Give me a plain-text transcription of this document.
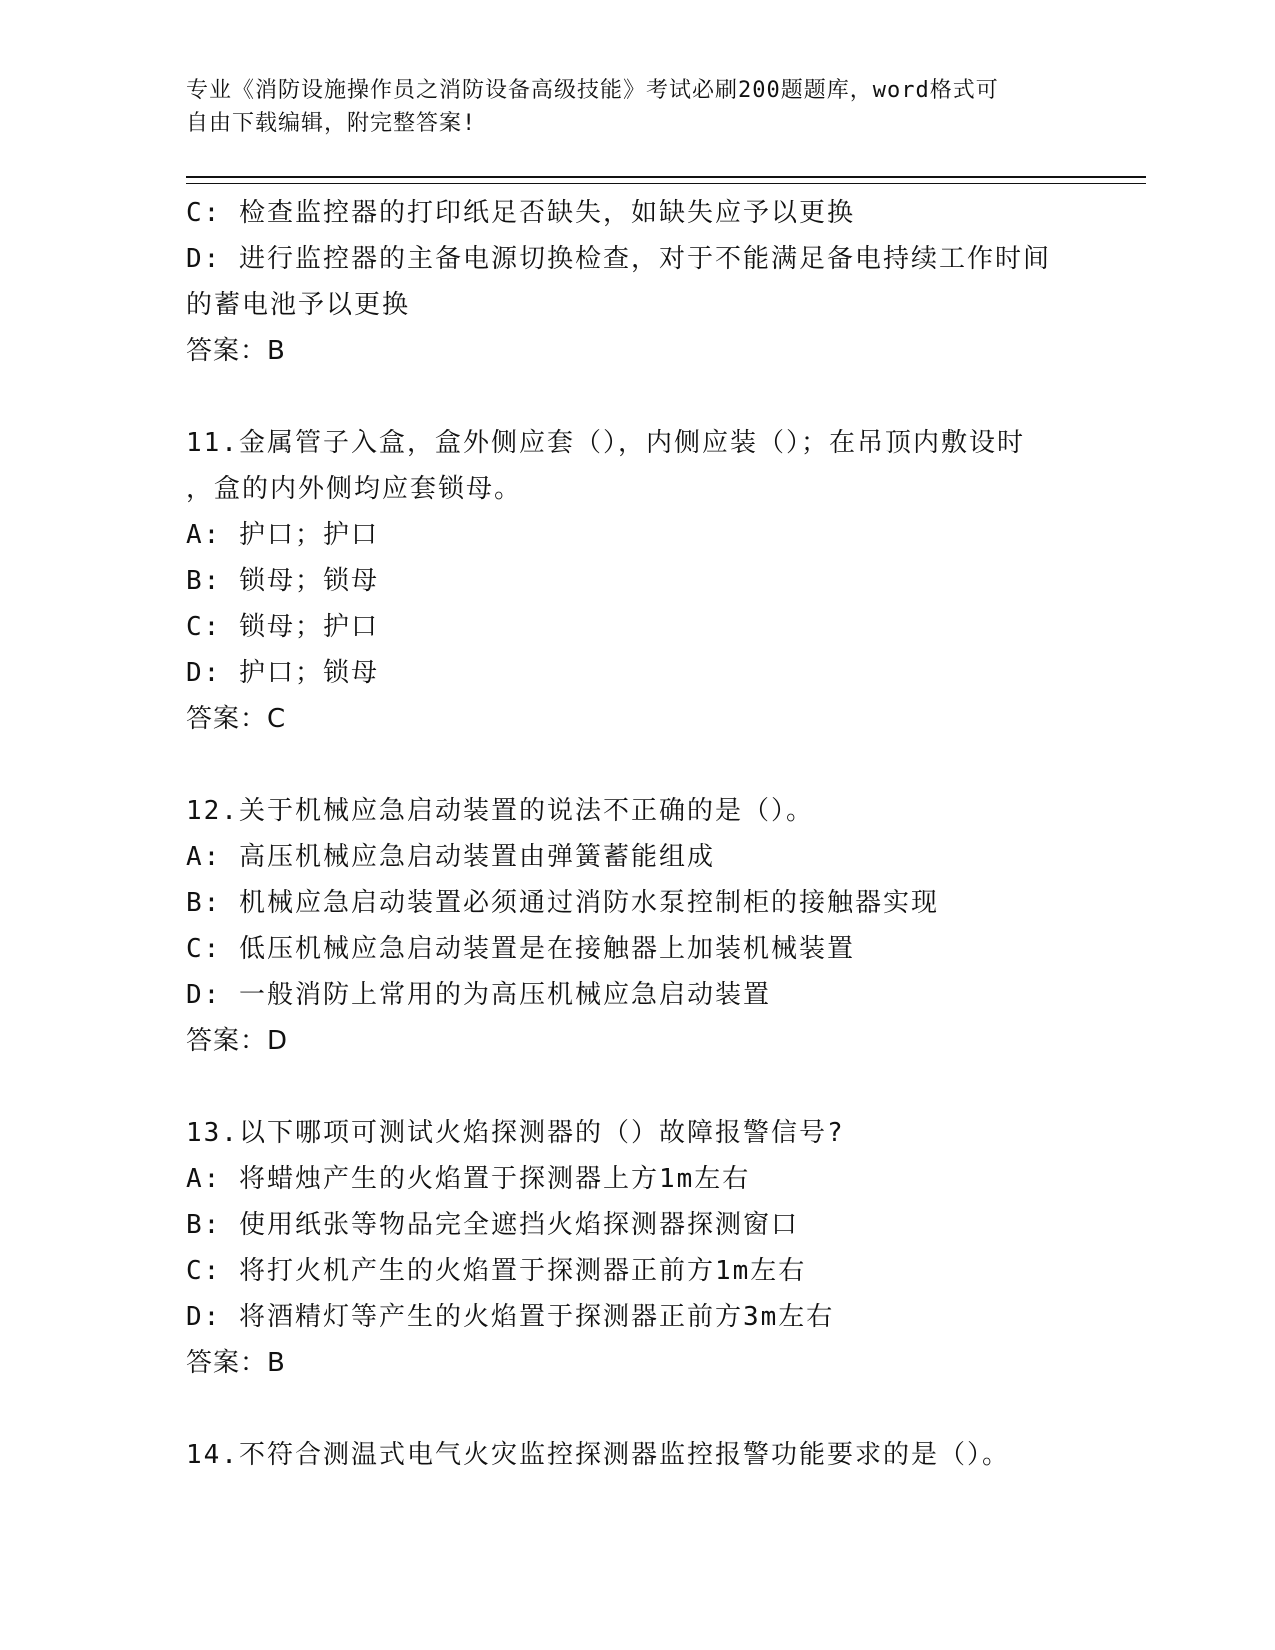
专业《消防设施操作员之消防设备高级技能》考试必刷200题题库，word格式可
自由下载编辑，附完整答案!
C: 检查监控器的打印纸足否缺失，如缺失应予以更换
D: 进行监控器的主备电源切换检查，对于不能满足备电持续工作时间
的蓄电池予以更换
答案：B
11.金属管子入盒，盒外侧应套（），内侧应装（）；在吊顶内敷设时
，盒的内外侧均应套锁母。
A: 护口；护口
B: 锁母；锁母
C: 锁母；护口
D: 护口；锁母
答案：C
12.关于机械应急启动装置的说法不正确的是（）。
A: 高压机械应急启动装置由弹簧蓄能组成
B: 机械应急启动装置必须通过消防水泵控制柜的接触器实现
C: 低压机械应急启动装置是在接触器上加装机械装置
D: 一般消防上常用的为高压机械应急启动装置
答案：D
13.以下哪项可测试火焰探测器的（）故障报警信号?
A: 将蜡烛产生的火焰置于探测器上方1m左右
B: 使用纸张等物品完全遮挡火焰探测器探测窗口
C: 将打火机产生的火焰置于探测器正前方1m左右
D: 将酒精灯等产生的火焰置于探测器正前方3m左右
答案：B
14.不符合测温式电气火灾监控探测器监控报警功能要求的是（）。
